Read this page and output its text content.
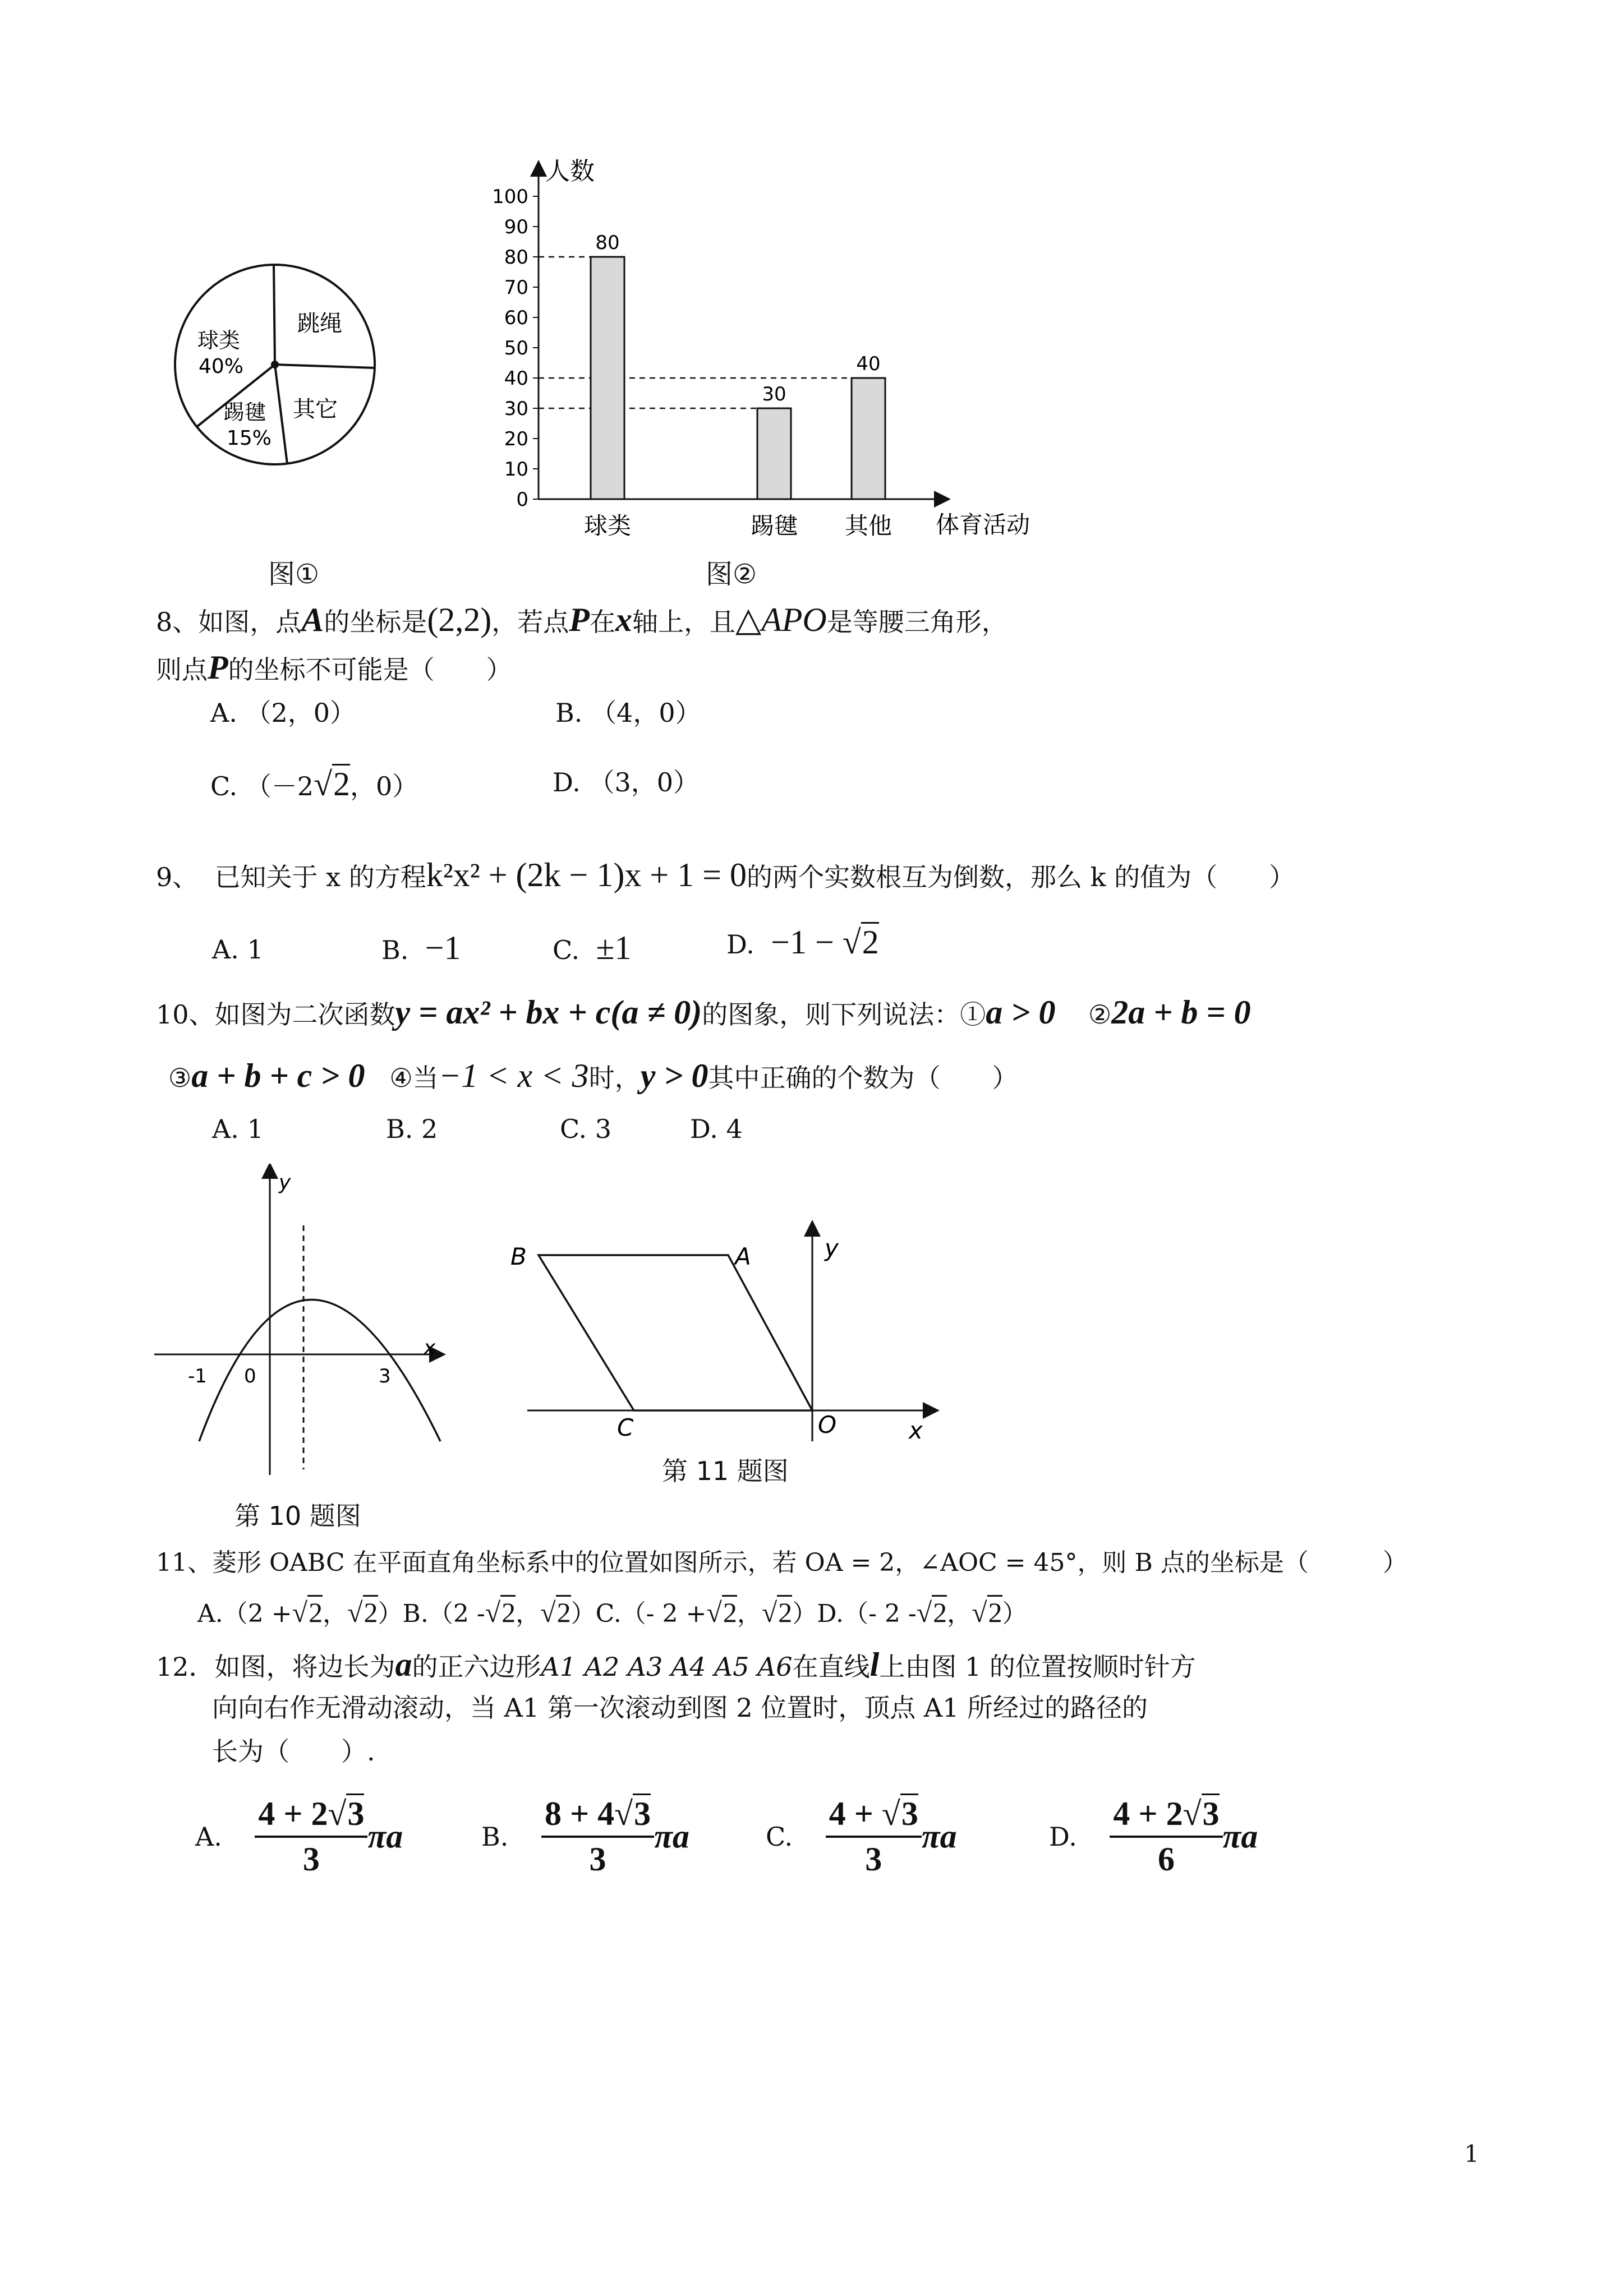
球类
40%
跳绳
踢毽
15%
其它
图①
0
10
20
30
40
50
60
70
80
90
100
人数
体育活动
80
球类
30
踢毽
40
其他
图②
8、如图，点A的坐标是(2,2)，若点P在x轴上，且△APO是等腰三角形，
则点P的坐标不可能是（　　）
A. （2，0）	B. （4，0）
C. （－2√2，0）	D. （3，0）
9、 已知关于 x 的方程k²x² + (2k − 1)x + 1 = 0的两个实数根互为倒数，那么 k 的值为（　　）
A. 1	B. −1	C. ±1	D. −1 − √2
10、如图为二次函数y = ax² + bx + c(a ≠ 0)的图象，则下列说法：①a > 0 ②2a + b = 0
③a + b + c > 0 ④当−1 < x < 3时，y > 0其中正确的个数为（　　）
A. 1	B. 2	C. 3	D. 4
y
x
-1 0	3
第 10 题图
B	A	y
C	O	x
第 11 题图
11、菱形 OABC 在平面直角坐标系中的位置如图所示，若 OA = 2，∠AOC = 45°，则 B 点的坐标是（　　　）
A.（2 +√2，√2）B.（2 -√2，√2）C.（- 2 +√2，√2）D.（- 2 -√2，√2）
12．如图，将边长为a的正六边形A1 A2 A3 A4 A5 A6在直线l上由图 1 的位置按顺时针方
向向右作无滑动滚动，当 A1 第一次滚动到图 2 位置时，顶点 A1 所经过的路径的
长为（　　）.
A. $\frac{4 + 2√3}{3}$ πa	B. $\frac{8 + 4√3}{3}$ πa	C. $\frac{4 + √3}{3}$ πa	D. $\frac{4 + 2√3}{6}$ πa
1
